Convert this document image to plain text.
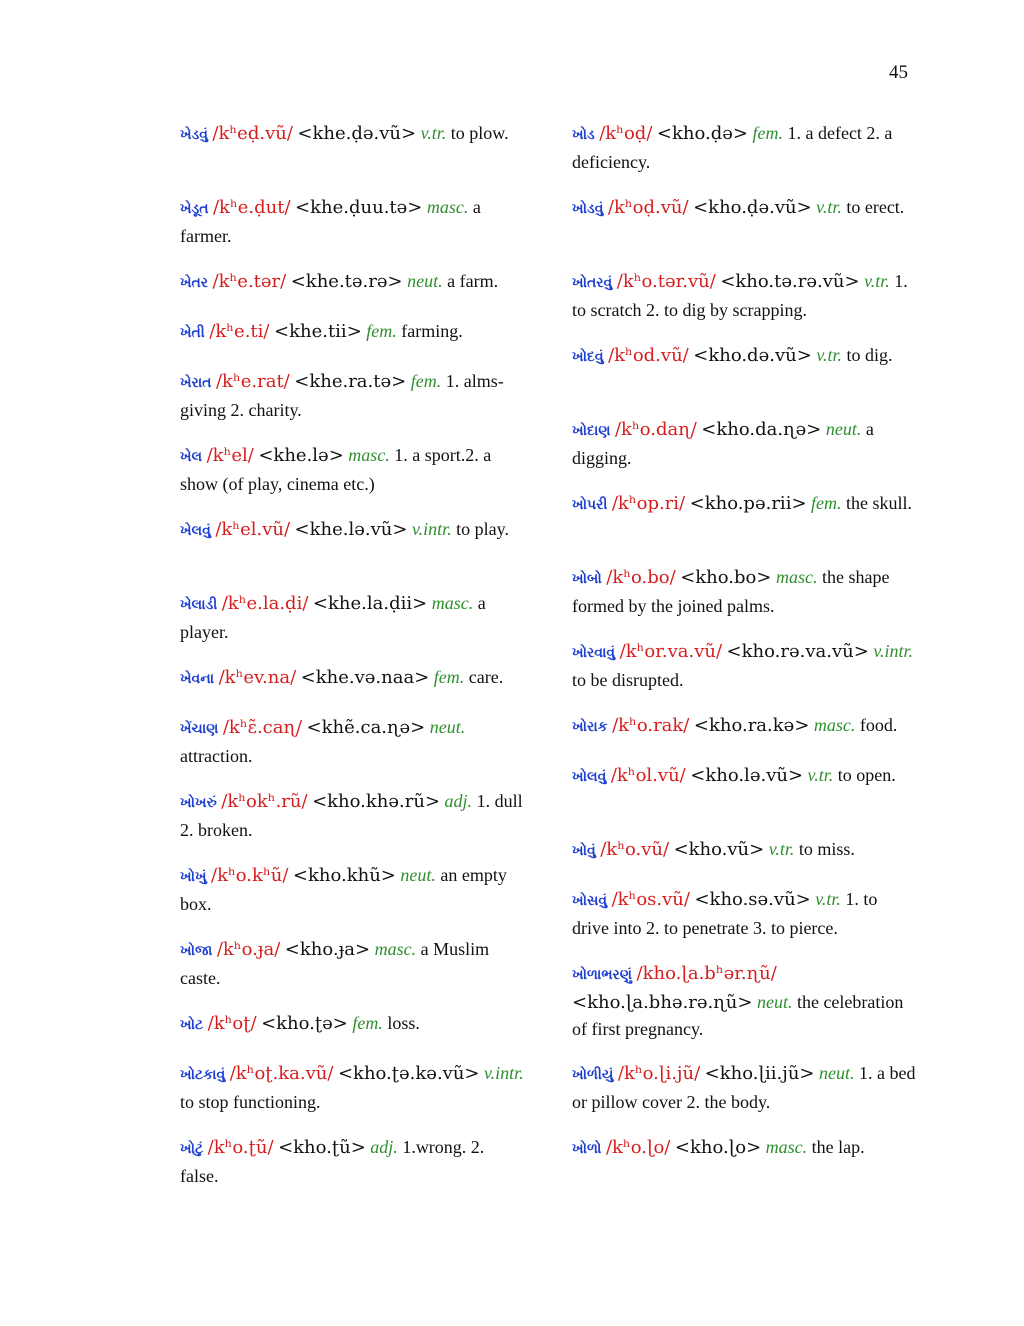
45
ખેડવું /kʰeḍ.vũ/ <khe.ḍə.vũ> v.tr. to plow.
ખેડૂત /kʰe.ḍut/ <khe.ḍuu.tə> masc. a farmer.
ખેતર /kʰe.tər/ <khe.tə.rə> neut. a farm.
ખેતી /kʰe.ti/ <khe.tii> fem. farming.
ખેરાત /kʰe.rat/ <khe.ra.tə> fem. 1. alms-giving 2. charity.
ખેલ /kʰel/ <khe.lə> masc. 1. a sport.2. a show (of play, cinema etc.)
ખેલવું /kʰel.vũ/ <khe.lə.vũ> v.intr. to play.
ખેલાડી /kʰe.la.ḍi/ <khe.la.ḍii> masc. a player.
ખેવના /kʰev.na/ <khe.və.naa> fem. care.
ખેંચાણ /kʰɛ̃.caɳ/ <khẽ.ca.ɳə> neut. attraction.
ખોખરું /kʰokʰ.rũ/ <kho.khə.rũ> adj. 1. dull 2. broken.
ખોખું /kʰo.kʰũ/ <kho.khũ> neut. an empty box.
ખોજા /kʰo.ɟa/ <kho.ɟa> masc. a Muslim caste.
ખોટ /kʰoʈ/ <kho.ʈə> fem. loss.
ખોટકાવું /kʰoʈ.ka.vũ/ <kho.ʈə.kə.vũ> v.intr. to stop functioning.
ખોટું /kʰo.ʈũ/ <kho.ʈũ> adj. 1.wrong. 2. false.
ખોડ /kʰoḍ/ <kho.ḍə> fem. 1. a defect 2. a deficiency.
ખોડવું /kʰoḍ.vũ/ <kho.ḍə.vũ> v.tr. to erect.
ખોતરવું /kʰo.tər.vũ/ <kho.tə.rə.vũ> v.tr. 1. to scratch 2. to dig by scrapping.
ખોદવું /kʰod.vũ/ <kho.də.vũ> v.tr. to dig.
ખોદાણ /kʰo.daɳ/ <kho.da.ɳə> neut. a digging.
ખોપરી /kʰop.ri/ <kho.pə.rii> fem. the skull.
ખોબો /kʰo.bo/ <kho.bo> masc. the shape formed by the joined palms.
ખોરવાવું /kʰor.va.vũ/ <kho.rə.va.vũ> v.intr. to be disrupted.
ખોરાક /kʰo.rak/ <kho.ra.kə> masc. food.
ખોલવું /kʰol.vũ/ <kho.lə.vũ> v.tr. to open.
ખોવું /kʰo.vũ/ <kho.vũ> v.tr. to miss.
ખોસવું /kʰos.vũ/ <kho.sə.vũ> v.tr. 1. to drive into 2. to penetrate 3. to pierce.
ખોળાભરણું /kho.ɭa.bʰər.ɳũ/ <kho.ɭa.bhə.rə.ɳũ> neut. the celebration of first pregnancy.
ખોળીયું /kʰo.ɭi.jũ/ <kho.ɭii.jũ> neut. 1. a bed or pillow cover 2. the body.
ખોળો /kʰo.ɭo/ <kho.ɭo> masc. the lap.
